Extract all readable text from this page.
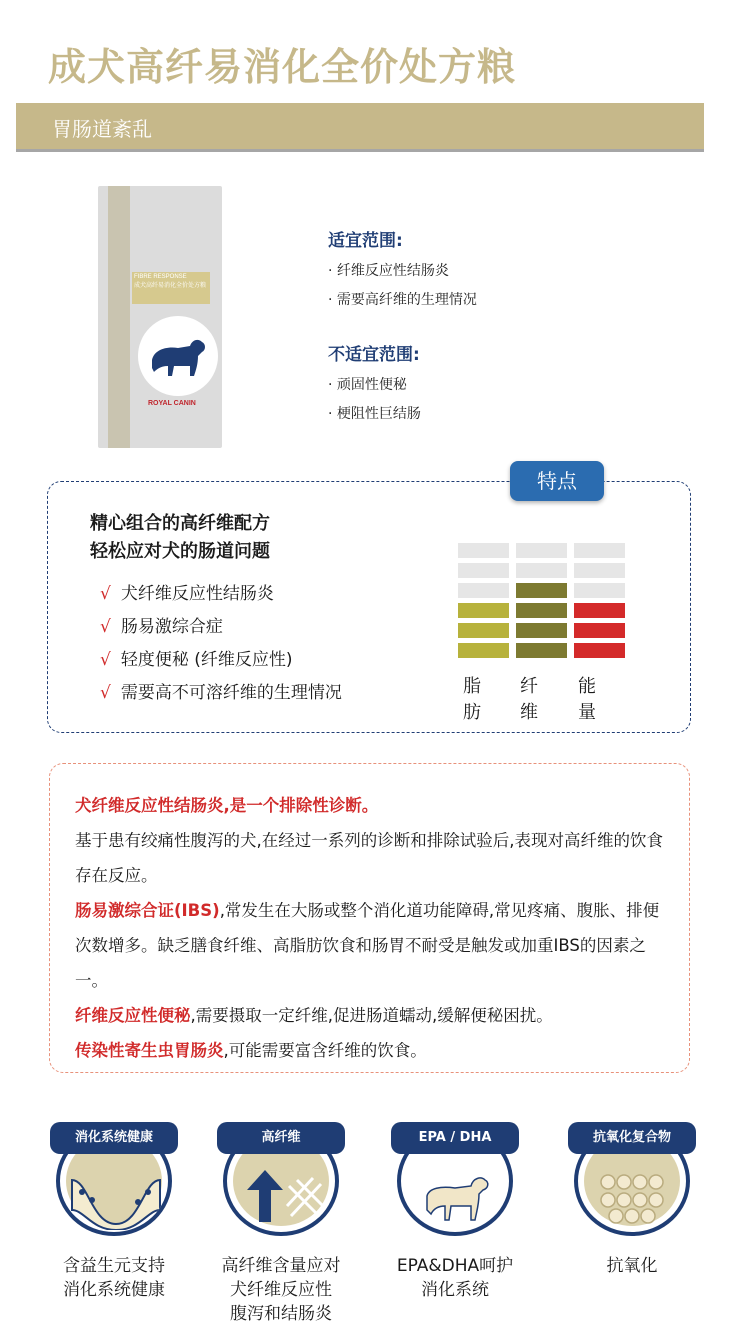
成犬高纤易消化全价处方粮
胃肠道紊乱
FIBRE RESPONSE
成犬高纤易消化全价处方粮
ROYAL CANIN
适宜范围:

· 纤维反应性结肠炎

· 需要高纤维的生理情况

不适宜范围:

· 顽固性便秘

· 梗阻性巨结肠

精心组合的高纤维配方
轻松应对犬的肠道问题
√ 犬纤维反应性结肠炎
√ 肠易激综合症
√ 轻度便秘 (纤维反应性)
√ 需要高不可溶纤维的生理情况
特点
脂肪
纤维
能量
犬纤维反应性结肠炎,是一个排除性诊断。
基于患有绞痛性腹泻的犬,在经过一系列的诊断和排除试验后,表现对高纤维的饮食存在反应。
肠易激综合证(IBS),常发生在大肠或整个消化道功能障碍,常见疼痛、腹胀、排便次数增多。缺乏膳食纤维、高脂肪饮食和肠胃不耐受是触发或加重IBS的因素之一。
纤维反应性便秘,需要摄取一定纤维,促进肠道蠕动,缓解便秘困扰。
传染性寄生虫胃肠炎,可能需要富含纤维的饮食。
消化系统健康	高纤维	EPA / DHA	抗氧化复合物
含益生元支持
消化系统健康
高纤维含量应对
犬纤维反应性
腹泻和结肠炎
EPA&DHA呵护
消化系统
抗氧化
